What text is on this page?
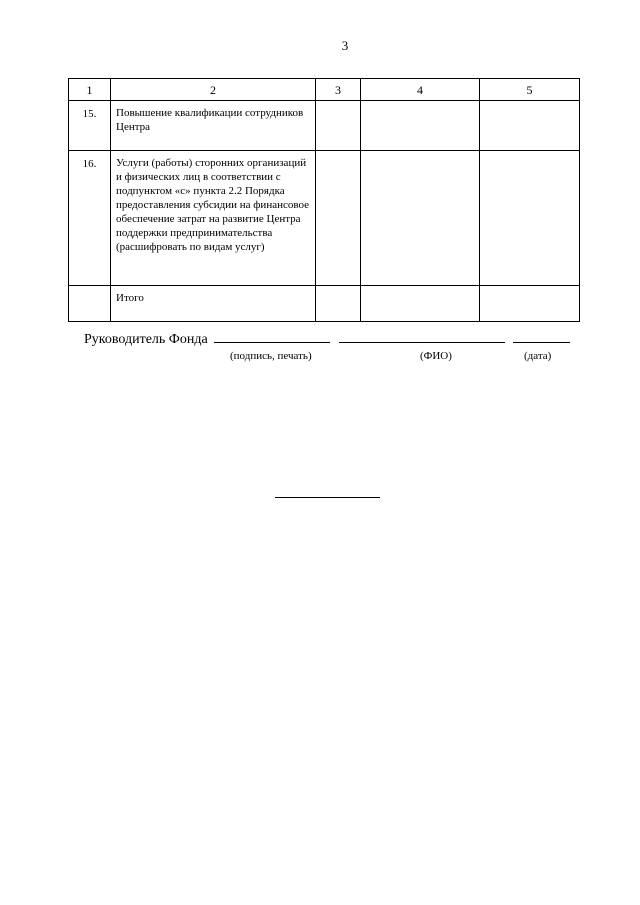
3
1	2	3	4	5
15.	Повышение квалификации сотрудников Центра			
16.	Услуги (работы) сторонних организаций и физических лиц в соответствии с подпунктом «с» пункта 2.2 Порядка предоставления субсидии на финансовое обеспечение затрат на развитие Центра поддержки предпринимательства (расшифровать по видам услуг)			
	Итого			
Руководитель Фонда
(подпись, печать)	(ФИО)	(дата)
